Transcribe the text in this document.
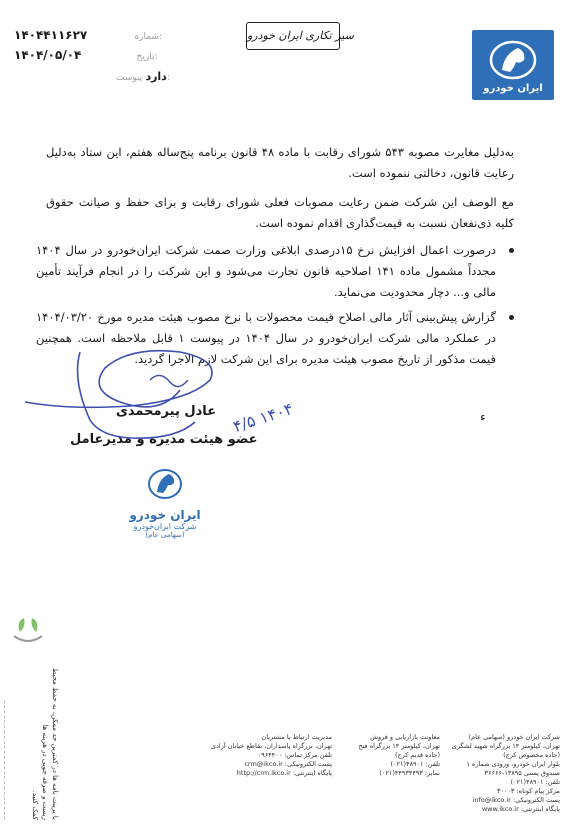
سیر تکاری ایران خودرو
ایران خودرو
۱۴۰۴۴۱۱۶۲۷	شماره:
۱۴۰۴/۰۵/۰۴	تاریخ:
دارد پیوست:
به‌دلیل مغایرت مصوبه ۵۴۳ شورای رقابت با ماده ۴۸ قانون برنامه پنج‌ساله هفتم، این ستاد به‌دلیل رعایت قانون، دخالتی ننموده است.
مع الوصف این شرکت ضمن رعایت مصوبات فعلی شورای رقابت و برای حفظ و صیانت حقوق کلیه ذی‌نفعان نسبت به قیمت‌گذاری اقدام نموده است.
درصورت اعمال افزایش نرخ ۱۵درصدی ابلاغی وزارت صمت شرکت ایران‌خودرو در سال ۱۴۰۴ مجدداً مشمول ماده ۱۴۱ اصلاحیه قانون تجارت می‌شود و این شرکت را در انجام فرآیند تأمین مالی و... دچار محدودیت می‌نماید.
گزارش پیش‌بینی آثار مالی اصلاح قیمت محصولات با نرخ مصوب هیئت مدیره مورخ ۱۴۰۴/۰۳/۲۰ در عملکرد مالی شرکت ایران‌خودرو در سال ۱۴۰۴ در پیوست ۱ قابل ملاحظه است. همچنین قیمت مذکور از تاریخ مصوب هیئت مدیره برای این شرکت لازم الاجرا گردید.
عادل پیرمحمدی
عضو هیئت مدیره و مدیرعامل
۴/۵ ۱۴۰۴	ء
ایران خودرو
شرکت ایران‌خودرو
(سهامی عام)
با پرینت نامه ها در کمترین حد ممکن، به حفظ محیط زیست و صرفه جویی در هزینه ها
کمک کنید.
مدیریت ارتباط با مشتریان
تهران، بزرگراه پاسداران، تقاطع خیابان آزادی
تلفن مرکز تماس: ۰۹۶۴۴۰۰
پست الکترونیکی: crm@ikco.ir
پایگاه اینترنتی: http://crm.ikco.ir
معاونت بازاریابی و فروش
تهران، کیلومتر ۱۴ بزرگراه فتح
(جاده قدیم کرج)
تلفن: ۴۸۹۰۱(۰۲۱)
نمابر: ۴۴۹۳۴۴۹۳(۰۲۱)
شرکت ایران خودرو (سهامی عام)
تهران، کیلومتر ۱۴ بزرگراه شهید لشگری
(جاده مخصوص کرج)
بلوار ایران خودرو، ورودی شماره ۱
صندوق پستی ۱۳۸۹۵-۳۶۶۶۶
تلفن: ۴۸۹۰۱(۰۲۱)
مرکز پیام کوتاه: ۳۰۰۰۳
پست الکترونیکی: info@ikco.ir
پایگاه اینترنتی: www.ikco.ir
